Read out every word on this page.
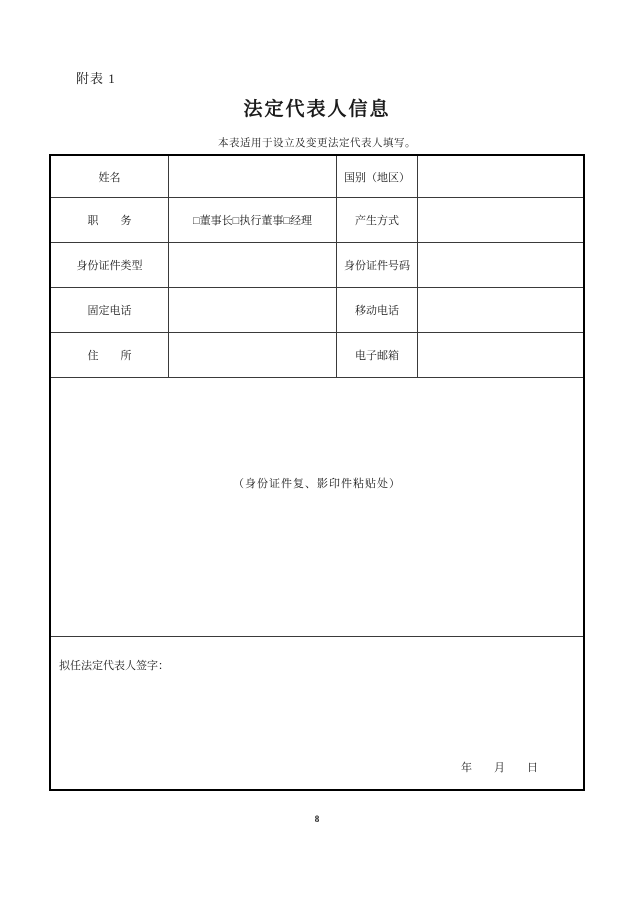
附表 1
法定代表人信息
本表适用于设立及变更法定代表人填写。
姓名	国别（地区）
职　　务	□董事长□执行董事□经理	产生方式
身份证件类型	身份证件号码
固定电话	移动电话
住　　所	电子邮箱
（身份证件复、影印件粘贴处）
拟任法定代表人签字：
年　　月　　日
8
